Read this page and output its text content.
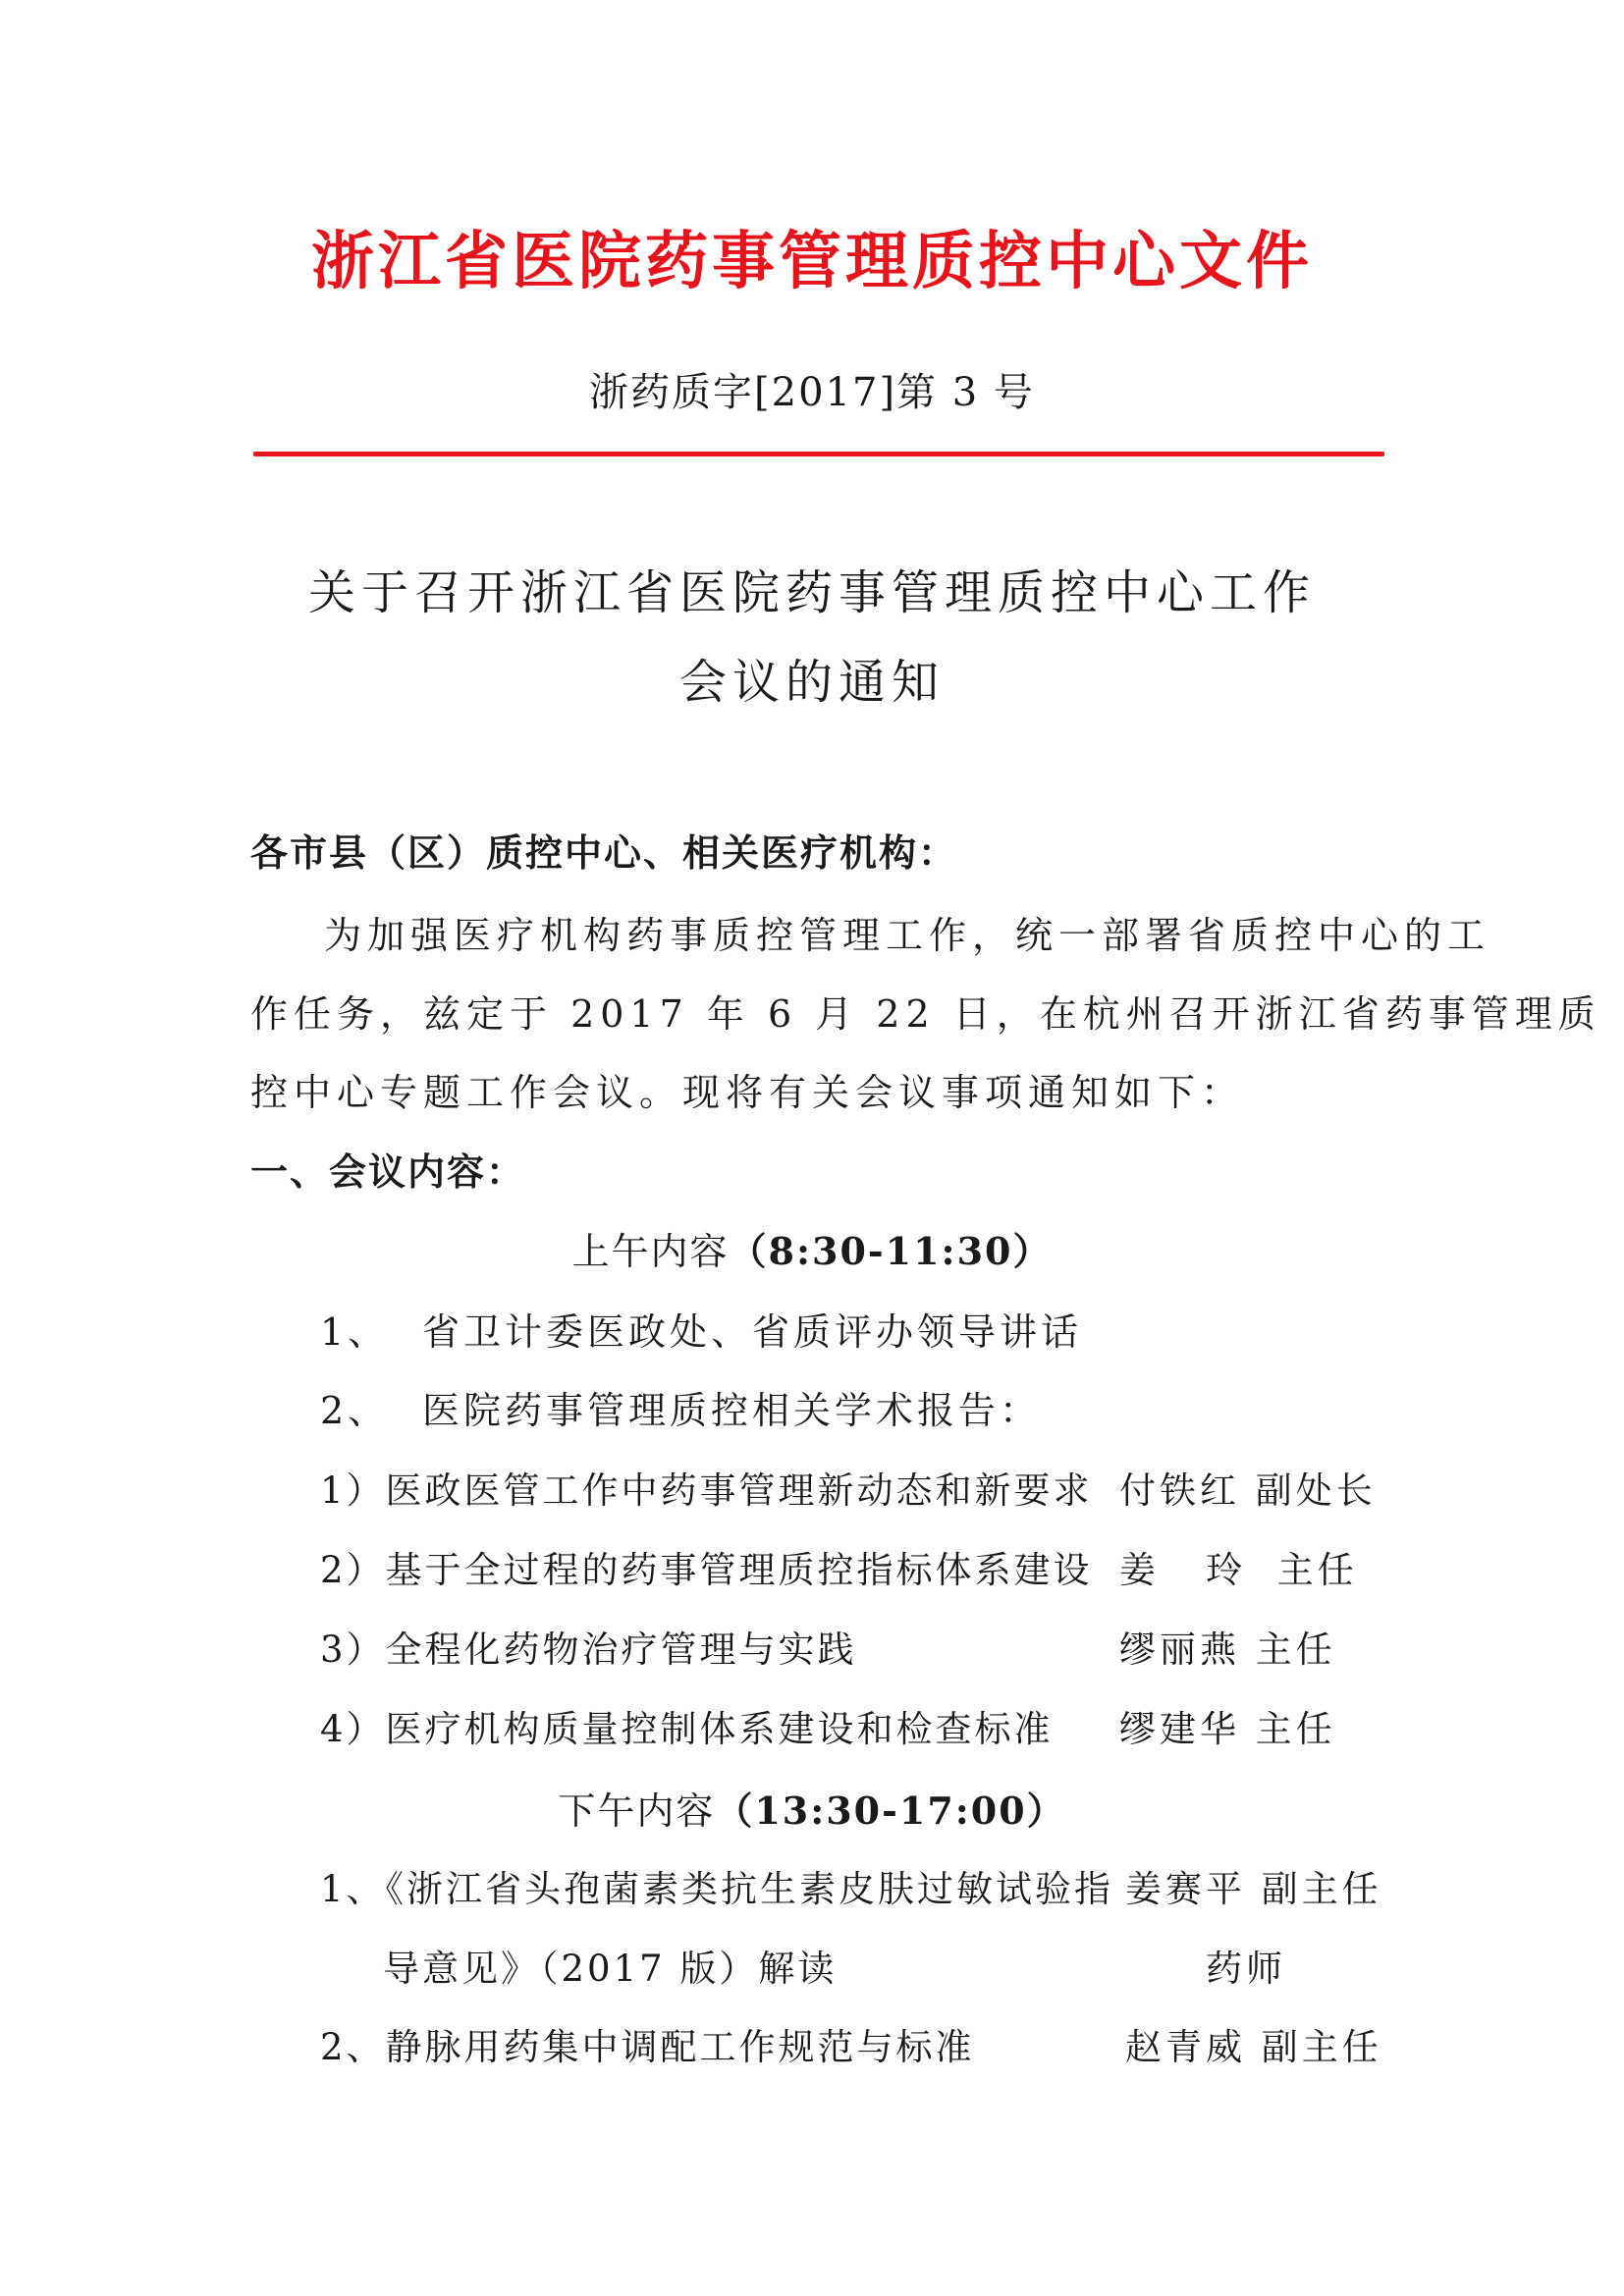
浙江省医院药事管理质控中心文件
浙药质字[2017]第 3 号
关于召开浙江省医院药事管理质控中心工作
会议的通知
各市县（区）质控中心、相关医疗机构：
为加强医疗机构药事质控管理工作，统一部署省质控中心的工
作任务，兹定于 2017 年 6 月 22 日，在杭州召开浙江省药事管理质
控中心专题工作会议。现将有关会议事项通知如下：
一、会议内容：
上午内容（8:30-11:30）
1、 省卫计委医政处、省质评办领导讲话
2、 医院药事管理质控相关学术报告：
1）医政医管工作中药事管理新动态和新要求 付铁红 副处长
2）基于全过程的药事管理质控指标体系建设 姜   玲  主任
3）全程化药物治疗管理与实践	缪丽燕 主任
4）医疗机构质量控制体系建设和检查标准 缪建华 主任
下午内容（13:30-17:00）
1、《浙江省头孢菌素类抗生素皮肤过敏试验指 姜赛平 副主任
导意见》（2017 版）解读	药师
2、静脉用药集中调配工作规范与标准	赵青威 副主任
